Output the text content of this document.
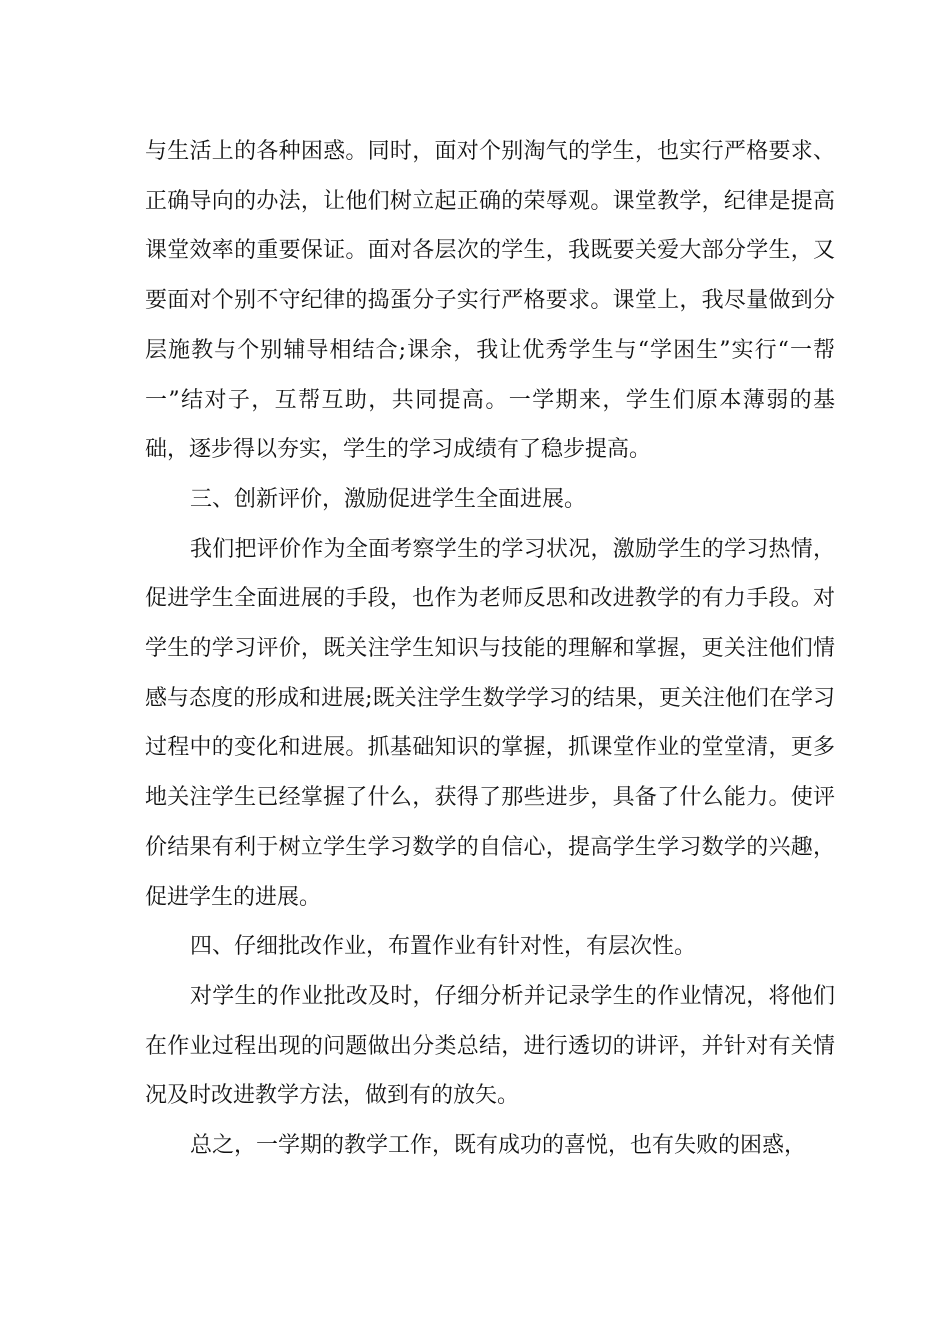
与生活上的各种困惑。同时，面对个别淘气的学生，也实行严格要求、正确导向的办法，让他们树立起正确的荣辱观。课堂教学，纪律是提高课堂效率的重要保证。面对各层次的学生，我既要关爱大部分学生，又要面对个别不守纪律的捣蛋分子实行严格要求。课堂上，我尽量做到分层施教与个别辅导相结合;课余，我让优秀学生与“学困生”实行“一帮一”结对子，互帮互助，共同提高。一学期来，学生们原本薄弱的基础，逐步得以夯实，学生的学习成绩有了稳步提高。

三、创新评价，激励促进学生全面进展。

我们把评价作为全面考察学生的学习状况，激励学生的学习热情，促进学生全面进展的手段，也作为老师反思和改进教学的有力手段。对学生的学习评价，既关注学生知识与技能的理解和掌握，更关注他们情感与态度的形成和进展;既关注学生数学学习的结果，更关注他们在学习过程中的变化和进展。抓基础知识的掌握，抓课堂作业的堂堂清，更多地关注学生已经掌握了什么，获得了那些进步，具备了什么能力。使评价结果有利于树立学生学习数学的自信心，提高学生学习数学的兴趣，促进学生的进展。

四、仔细批改作业，布置作业有针对性，有层次性。

对学生的作业批改及时，仔细分析并记录学生的作业情况，将他们在作业过程出现的问题做出分类总结，进行透切的讲评，并针对有关情况及时改进教学方法，做到有的放矢。

总之，一学期的教学工作，既有成功的喜悦，也有失败的困惑，
